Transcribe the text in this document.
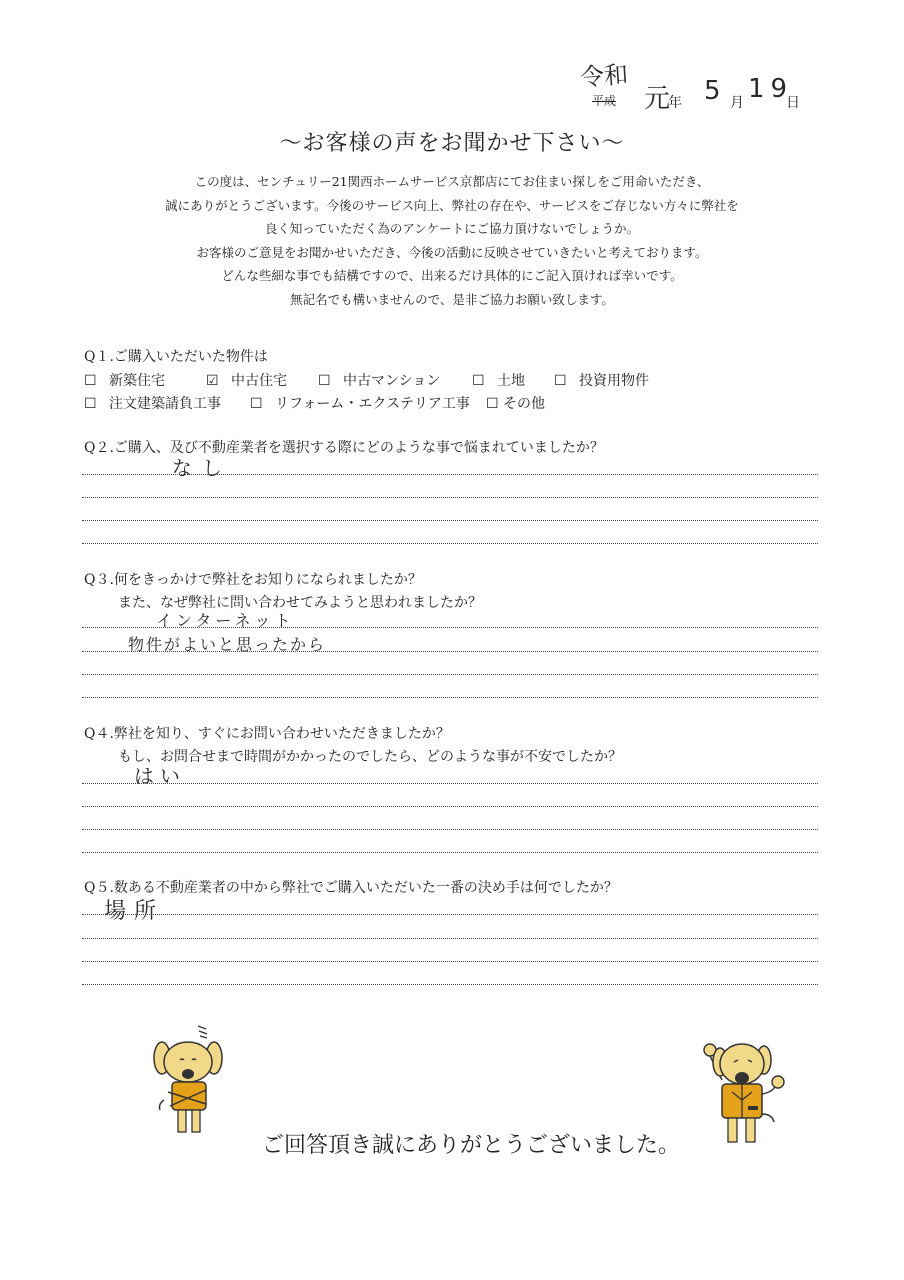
令和
平成 元
年 5 月 19
日
～お客様の声をお聞かせ下さい～
この度は、センチュリー21関西ホームサービス京都店にてお住まい探しをご用命いただき、
誠にありがとうございます。今後のサービス向上、弊社の存在や、サービスをご存じない方々に弊社を
良く知っていただく為のアンケートにご協力頂けないでしょうか。
お客様のご意見をお聞かせいただき、今後の活動に反映させていきたいと考えております。
どんな些細な事でも結構ですので、出来るだけ具体的にご記入頂ければ幸いです。
無記名でも構いませんので、是非ご協力お願い致します。
Q１.ご購入いただいた物件は
☐ 新築住宅	☑ 中古住宅 ☐ 中古マンション ☐ 土地 ☐ 投資用物件
☐ 注文建築請負工事 ☐ リフォーム・エクステリア工事 ☐ その他
Q２.ご購入、及び不動産業者を選択する際にどのような事で悩まれていましたか？
なし
Q３.何をきっかけで弊社をお知りになられましたか？
また、なぜ弊社に問い合わせてみようと思われましたか？
インターネット
物件がよいと思ったから
Q４.弊社を知り、すぐにお問い合わせいただきましたか？
もし、お問合せまで時間がかかったのでしたら、どのような事が不安でしたか？
はい
Q５.数ある不動産業者の中から弊社でご購入いただいた一番の決め手は何でしたか？
場所
ご回答頂き誠にありがとうございました。
